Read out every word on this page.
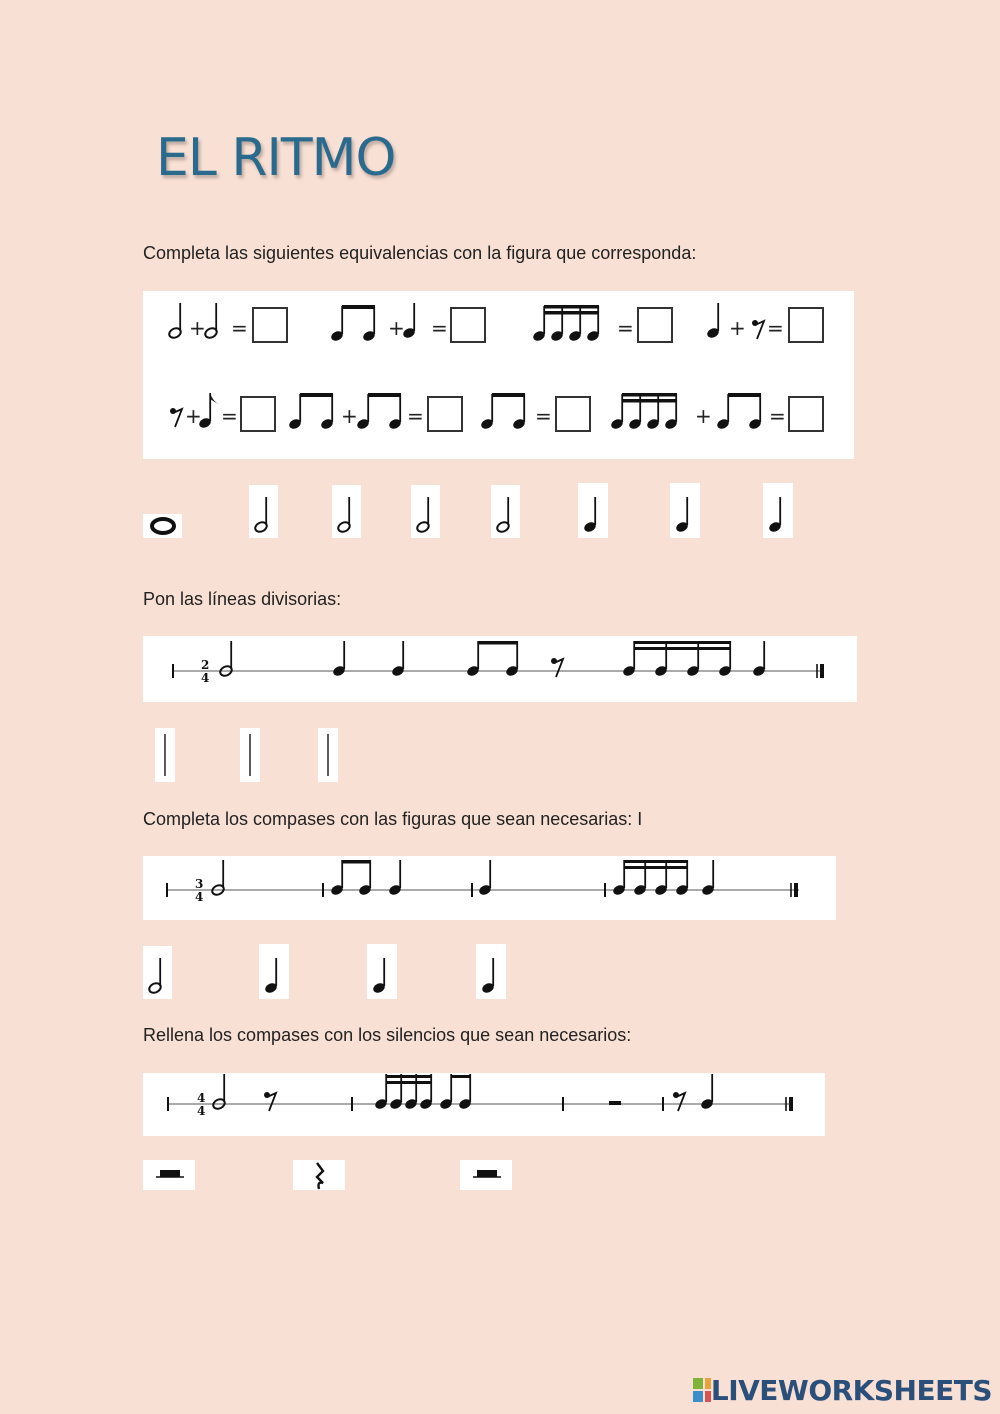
EL RITMO

Completa las siguientes equivalencias con la figura que corresponda:

+ =	+ =	=	+ =
+ =	+ =	=	+	=

Pon las líneas divisorias:

2
4

Completa los compases con las figuras que sean necesarias: I

3
4

Rellena los compases con los silencios que sean necesarios:

4
4
LIVEWORKSHEETS
